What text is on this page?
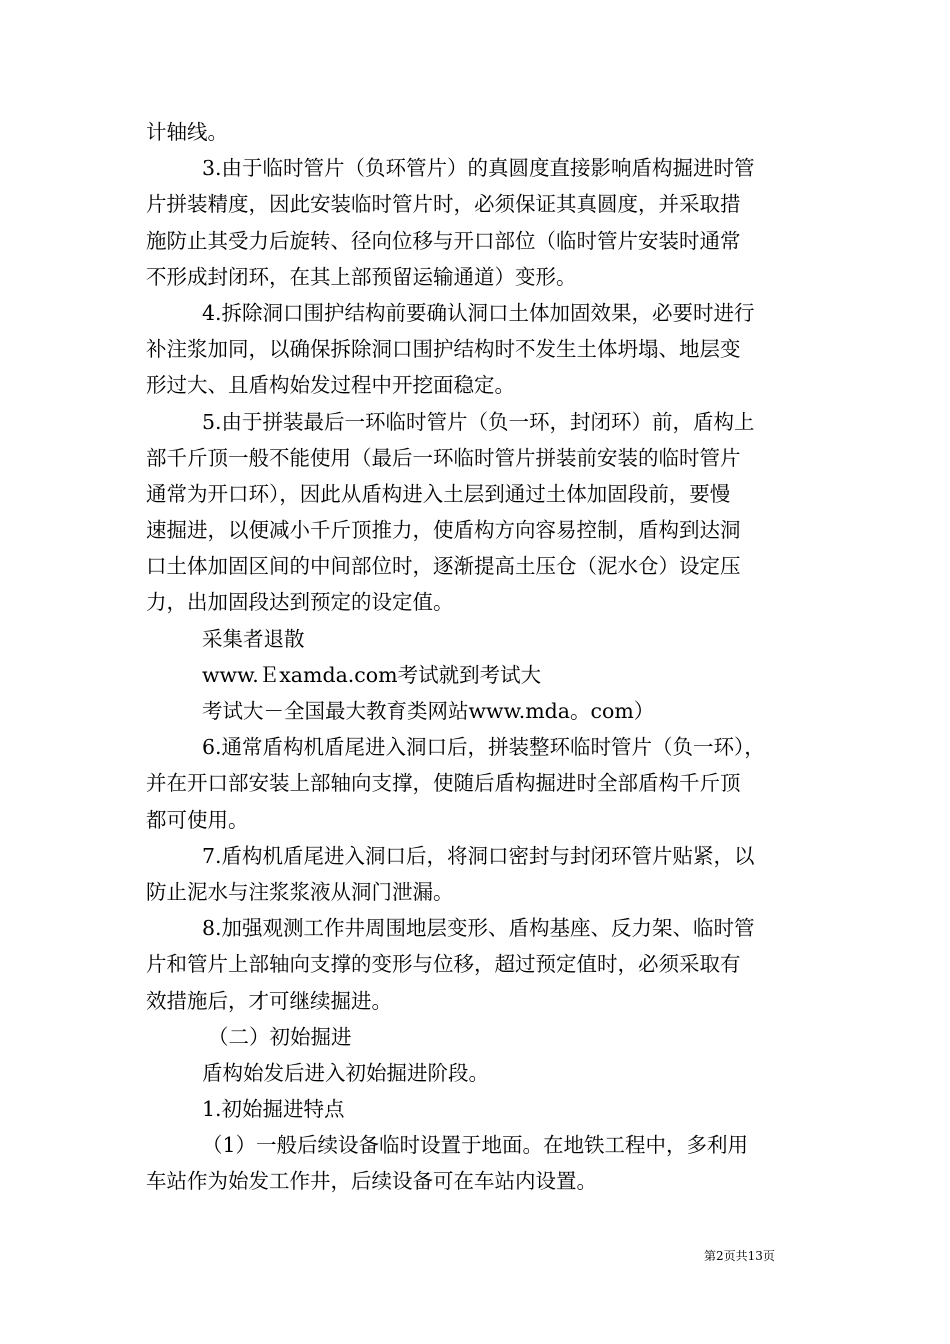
计轴线。
3.由于临时管片（负环管片）的真圆度直接影响盾构掘进时管
片拼装精度，因此安装临时管片时，必须保证其真圆度，并采取措
施防止其受力后旋转、径向位移与开口部位（临时管片安装时通常
不形成封闭环，在其上部预留运输通道）变形。
4.拆除洞口围护结构前要确认洞口土体加固效果，必要时进行
补注浆加同，以确保拆除洞口围护结构时不发生土体坍塌、地层变
形过大、且盾构始发过程中开挖面稳定。
5.由于拼装最后一环临时管片（负一环，封闭环）前，盾构上
部千斤顶一般不能使用（最后一环临时管片拼装前安装的临时管片
通常为开口环），因此从盾构进入土层到通过土体加固段前，要慢
速掘进，以便减小千斤顶推力，使盾构方向容易控制，盾构到达洞
口土体加固区间的中间部位时，逐渐提高土压仓（泥水仓）设定压
力，出加固段达到预定的设定值。
采集者退散
www.Ｅxamda.com考试就到考试大
考试大－全国最大教育类网站www.mda。com）
6.通常盾构机盾尾进入洞口后，拼装整环临时管片（负一环），
并在开口部安装上部轴向支撑，使随后盾构掘进时全部盾构千斤顶
都可使用。
7.盾构机盾尾进入洞口后，将洞口密封与封闭环管片贴紧，以
防止泥水与注浆浆液从洞门泄漏。
8.加强观测工作井周围地层变形、盾构基座、反力架、临时管
片和管片上部轴向支撑的变形与位移，超过预定值时，必须采取有
效措施后，才可继续掘进。
（二）初始掘进
盾构始发后进入初始掘进阶段。
1.初始掘进特点
（1）一般后续设备临时设置于地面。在地铁工程中，多利用
车站作为始发工作井，后续设备可在车站内设置。
第2页共13页
